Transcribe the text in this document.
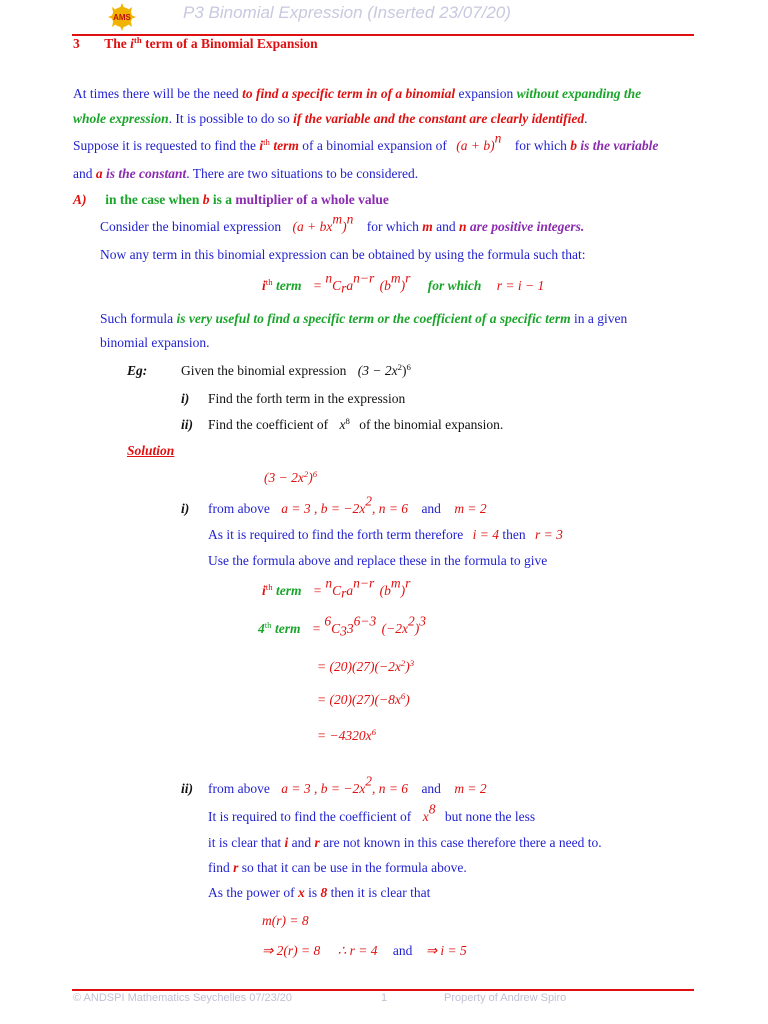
AMS	P3 Binomial Expression (Inserted 23/07/20)
3 The $i^{th}$ term of a Binomial Expansion
At times there will be the need to find a specific term in of a binomial expansion without expanding the
whole expression. It is possible to do so if the variable and the constant are clearly identified.
Suppose it is requested to find the $i^{th}$ term of a binomial expansion of $(a + b)^n$ for which b is the variable
and a is the constant. There are two situations to be considered.
A) in the case when b is a multiplier of a whole value
Consider the binomial expression $(a + bx^m)^n$ for which m and n are positive integers.
Now any term in this binomial expression can be obtained by using the formula such that:
$i^{th}$ term = $^nC_ra^{n-r}$ $(b^m)^r$ for which r = i − 1
Such formula is very useful to find a specific term or the coefficient of a specific term in a given
binomial expansion.
Eg:	Given the binomial expression $(3 - 2x^2)^6$
i) Find the forth term in the expression
ii) Find the coefficient of $x^8$ of the binomial expansion.
Solution
$(3 - 2x^2)^6$
i) from above a = 3 , $b = -2x^2$, n = 6 and m = 2
As it is required to find the forth term therefore i = 4 then r = 3
Use the formula above and replace these in the formula to give
$i^{th}$ term = $^nC_ra^{n-r}$ $(b^m)^r$
4th term = $^6C_33^{6-3}$ $(-2x^2)^3$
= $(20)(27)(-2x^2)^3$
= $(20)(27)(-8x^6)$
= $-4320x^6$
ii) from above a = 3 , $b = -2x^2$, n = 6 and m = 2
It is required to find the coefficient of $x^8$ but none the less
it is clear that i and r are not known in this case therefore there a need to.
find r so that it can be use in the formula above.
As the power of x is 8 then it is clear that
m(r) = 8
⇒ 2(r) = 8 ∴ r = 4 and ⇒ i = 5
© ANDSPI Mathematics Seychelles 07/23/20	1	Property of Andrew Spiro
